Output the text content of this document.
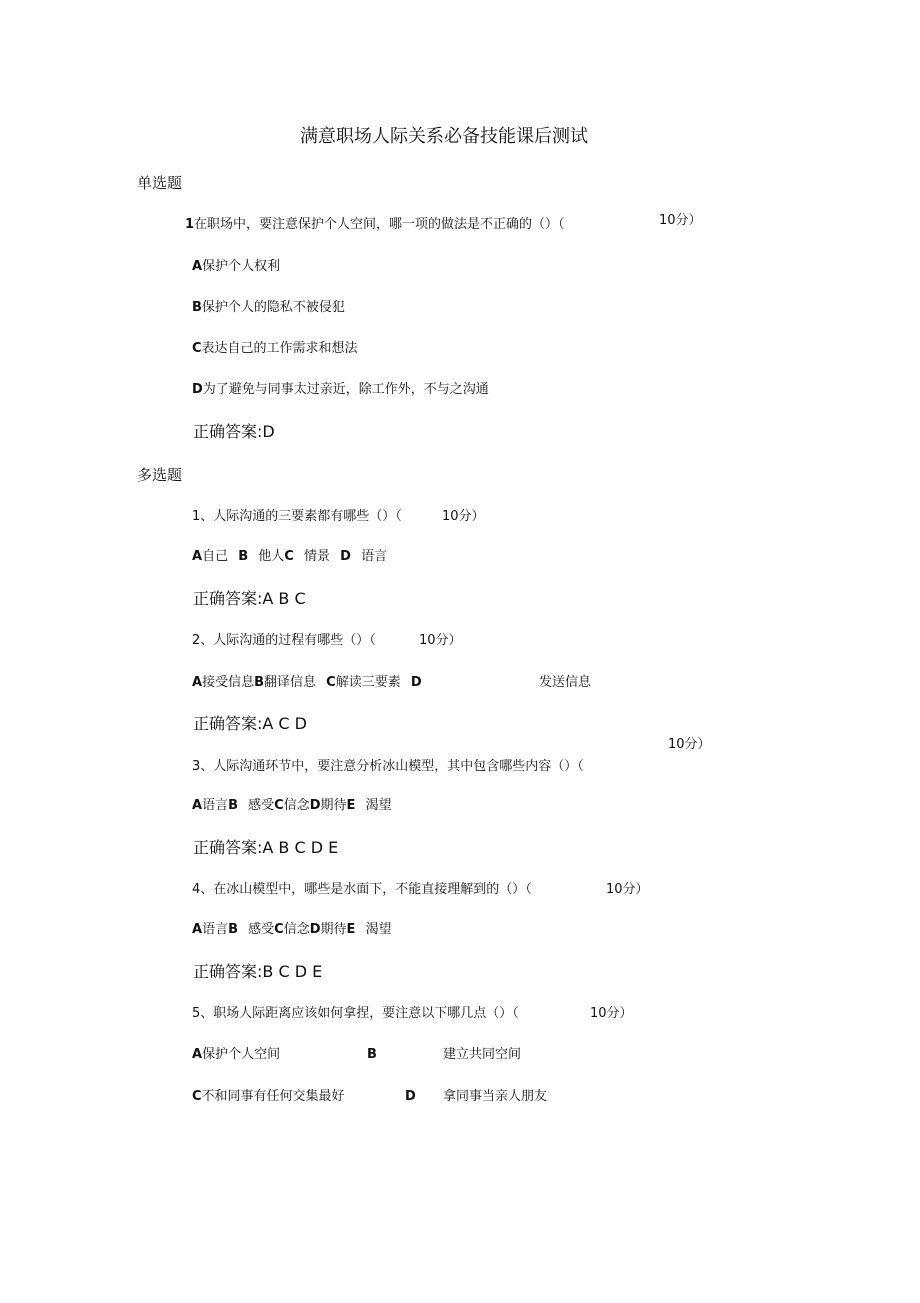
满意职场人际关系必备技能课后测试
单选题
1在职场中，要注意保护个人空间，哪一项的做法是不正确的（）（	10分）
A保护个人权利
B保护个人的隐私不被侵犯
C表达自己的工作需求和想法
D为了避免与同事太过亲近，除工作外，不与之沟通
正确答案:D
多选题
1、人际沟通的三要素都有哪些（）（	10分）
A自己 B 他人C 情景 D 语言
正确答案:A B C
2、人际沟通的过程有哪些（）（	10分）
A接受信息B翻译信息 C解读三要素 D	发送信息
正确答案:A C D
10分）
3、人际沟通环节中，要注意分析冰山模型，其中包含哪些内容（）（
A语言B 感受C信念D期待E 渴望
正确答案:A B C D E
4、在冰山模型中，哪些是水面下，不能直接理解到的（）（	10分）
A语言B 感受C信念D期待E 渴望
正确答案:B C D E
5、职场人际距离应该如何拿捏，要注意以下哪几点（）（	10分）
A保护个人空间	B	建立共同空间
C不和同事有任何交集最好	D 拿同事当亲人朋友
